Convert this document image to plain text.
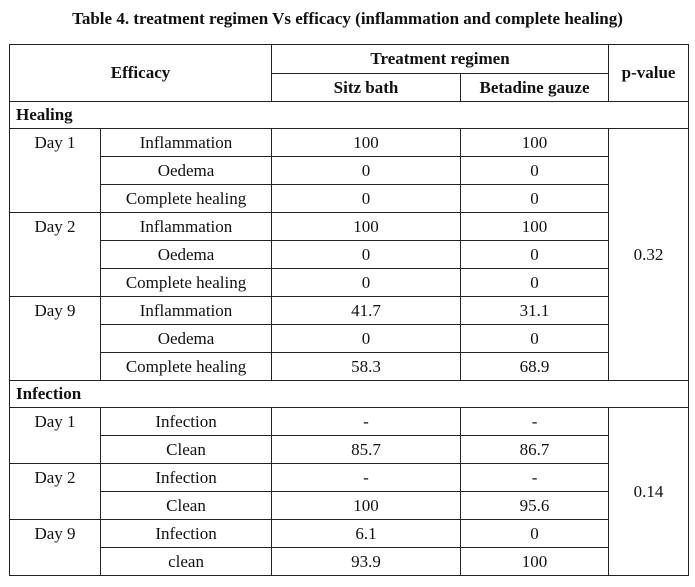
Table 4. treatment regimen Vs efficacy (inflammation and complete healing)
Efficacy		Treatment regimen		p-value
		Sitz bath	Betadine gauze	
Healing				
Day 1	Inflammation	100	100	0.32
	Oedema	0	0	
	Complete healing	0	0	
Day 2	Inflammation	100	100	
	Oedema	0	0	
	Complete healing	0	0	
Day 9	Inflammation	41.7	31.1	
	Oedema	0	0	
	Complete healing	58.3	68.9	
Infection				
Day 1	Infection	-	-	0.14
	Clean	85.7	86.7	
Day 2	Infection	-	-	
	Clean	100	95.6	
Day 9	Infection	6.1	0	
	clean	93.9	100	
